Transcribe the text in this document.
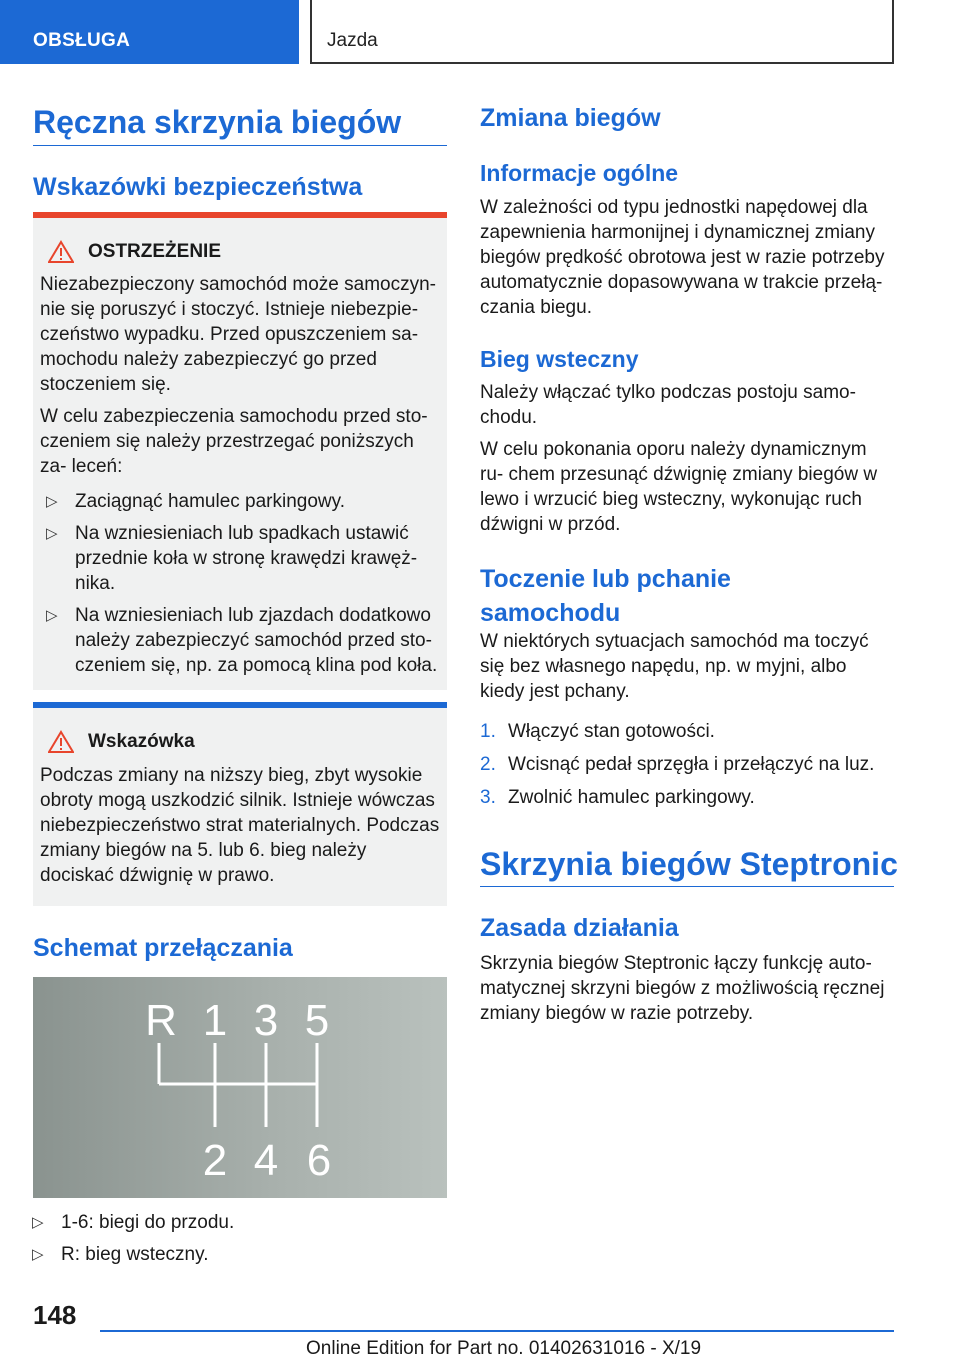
OBSŁUGA	Jazda
Ręczna skrzynia biegów
Wskazówki bezpieczeństwa
OSTRZEŻENIE
Niezabezpieczony samochód może samoczyn- nie się poruszyć i stoczyć. Istnieje niebezpie- czeństwo wypadku. Przed opuszczeniem sa- mochodu należy zabezpieczyć go przed stoczeniem się.
W celu zabezpieczenia samochodu przed sto- czeniem się należy przestrzegać poniższych za- leceń:
▷ Zaciągnąć hamulec parkingowy.
▷ Na wzniesieniach lub spadkach ustawić przednie koła w stronę krawędzi krawęż- nika.
▷ Na wzniesieniach lub zjazdach dodatkowo należy zabezpieczyć samochód przed sto- czeniem się, np. za pomocą klina pod koła.
Wskazówka
Podczas zmiany na niższy bieg, zbyt wysokie obroty mogą uszkodzić silnik. Istnieje wówczas niebezpieczeństwo strat materialnych. Podczas zmiany biegów na 5. lub 6. bieg należy dociskać dźwignię w prawo.
Schemat przełączania
R 1 3 5
2 4 6
▷ 1-6: biegi do przodu.
▷ R: bieg wsteczny.
Zmiana biegów
Informacje ogólne
W zależności od typu jednostki napędowej dla zapewnienia harmonijnej i dynamicznej zmiany biegów prędkość obrotowa jest w razie potrzeby automatycznie dopasowywana w trakcie przełą- czania biegu.
Bieg wsteczny
Należy włączać tylko podczas postoju samo- chodu.
W celu pokonania oporu należy dynamicznym ru- chem przesunąć dźwignię zmiany biegów w lewo i wrzucić bieg wsteczny, wykonując ruch dźwigni w przód.
Toczenie lub pchanie samochodu
W niektórych sytuacjach samochód ma toczyć się bez własnego napędu, np. w myjni, albo kiedy jest pchany.
1. Włączyć stan gotowości.
2. Wcisnąć pedał sprzęgła i przełączyć na luz.
3. Zwolnić hamulec parkingowy.
Skrzynia biegów Steptronic
Zasada działania
Skrzynia biegów Steptronic łączy funkcję auto- matycznej skrzyni biegów z możliwością ręcznej zmiany biegów w razie potrzeby.
148
Online Edition for Part no. 01402631016 - X/19
